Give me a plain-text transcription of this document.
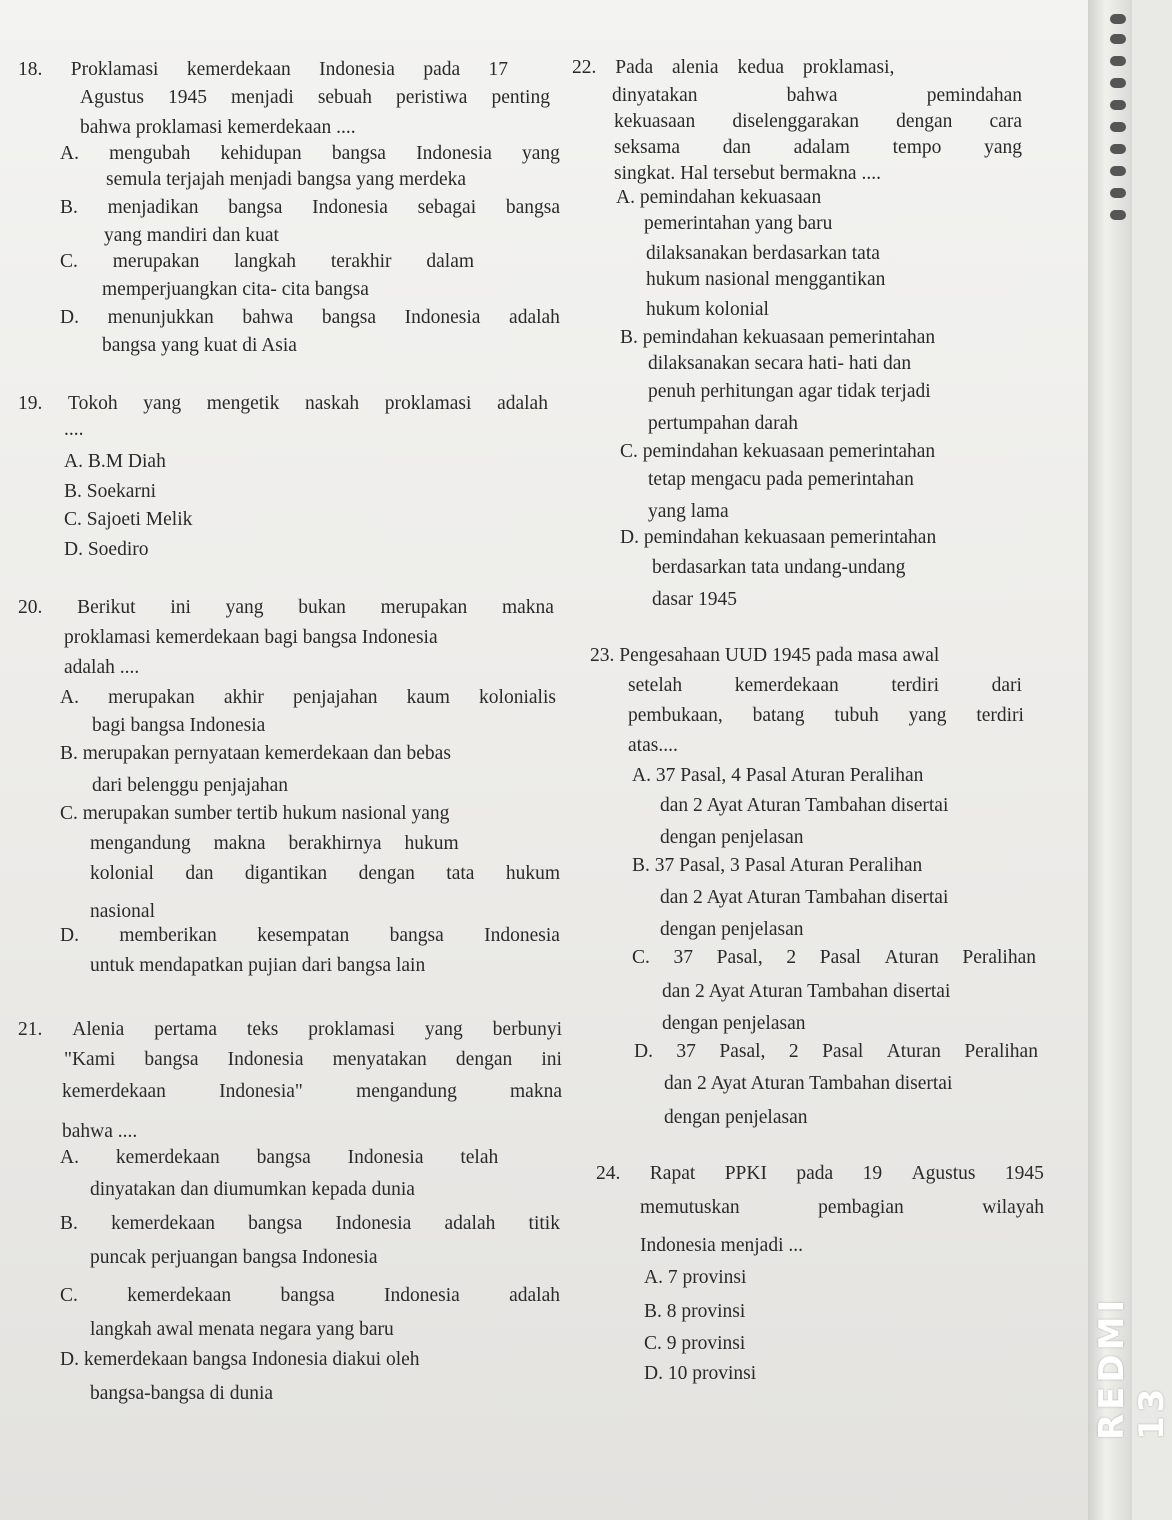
18. Proklamasi kemerdekaan Indonesia pada 17
Agustus 1945 menjadi sebuah peristiwa penting
bahwa proklamasi kemerdekaan ....
A. mengubah kehidupan bangsa Indonesia yang
semula terjajah menjadi bangsa yang merdeka
B. menjadikan bangsa Indonesia sebagai bangsa
yang mandiri dan kuat
C. merupakan langkah terakhir dalam
memperjuangkan cita- cita bangsa
D. menunjukkan bahwa bangsa Indonesia adalah
bangsa yang kuat di Asia
19. Tokoh yang mengetik naskah proklamasi adalah
....
A. B.M Diah
B. Soekarni
C. Sajoeti Melik
D. Soediro
20. Berikut ini yang bukan merupakan makna
proklamasi kemerdekaan bagi bangsa Indonesia
adalah ....
A. merupakan akhir penjajahan kaum kolonialis
bagi bangsa Indonesia
B. merupakan pernyataan kemerdekaan dan bebas
dari belenggu penjajahan
C. merupakan sumber tertib hukum nasional yang
mengandung makna berakhirnya hukum
kolonial dan digantikan dengan tata hukum
nasional
D. memberikan kesempatan bangsa Indonesia
untuk mendapatkan pujian dari bangsa lain
21. Alenia pertama teks proklamasi yang berbunyi
"Kami bangsa Indonesia menyatakan dengan ini
kemerdekaan	Indonesia"	mengandung	makna
bahwa ....
A. kemerdekaan bangsa Indonesia telah
dinyatakan dan diumumkan kepada dunia
B. kemerdekaan bangsa Indonesia adalah titik
puncak perjuangan bangsa Indonesia
C.	kemerdekaan	bangsa	Indonesia	adalah
langkah awal menata negara yang baru
D. kemerdekaan bangsa Indonesia diakui oleh
bangsa-bangsa di dunia
22. Pada alenia kedua proklamasi,
dinyatakan	bahwa	pemindahan
kekuasaan diselenggarakan dengan cara
seksama dan adalam tempo yang
singkat. Hal tersebut bermakna ....
A. pemindahan kekuasaan
pemerintahan yang baru
dilaksanakan berdasarkan tata
hukum nasional menggantikan
hukum kolonial
B. pemindahan kekuasaan pemerintahan
dilaksanakan secara hati- hati dan
penuh perhitungan agar tidak terjadi
pertumpahan darah
C. pemindahan kekuasaan pemerintahan
tetap mengacu pada pemerintahan
yang lama
D. pemindahan kekuasaan pemerintahan
berdasarkan tata undang-undang
dasar 1945
23. Pengesahaan UUD 1945 pada masa awal
setelah	kemerdekaan	terdiri	dari
pembukaan, batang tubuh yang terdiri
atas....
A. 37 Pasal, 4 Pasal Aturan Peralihan
dan 2 Ayat Aturan Tambahan disertai
dengan penjelasan
B. 37 Pasal, 3 Pasal Aturan Peralihan
dan 2 Ayat Aturan Tambahan disertai
dengan penjelasan
C. 37 Pasal, 2 Pasal Aturan Peralihan
dan 2 Ayat Aturan Tambahan disertai
dengan penjelasan
D. 37 Pasal, 2 Pasal Aturan Peralihan
dan 2 Ayat Aturan Tambahan disertai
dengan penjelasan
24. Rapat PPKI pada 19 Agustus 1945
memutuskan	pembagian	wilayah
Indonesia menjadi ...
A. 7 provinsi
B. 8 provinsi
C. 9 provinsi
D. 10 provinsi	REDMI 13
